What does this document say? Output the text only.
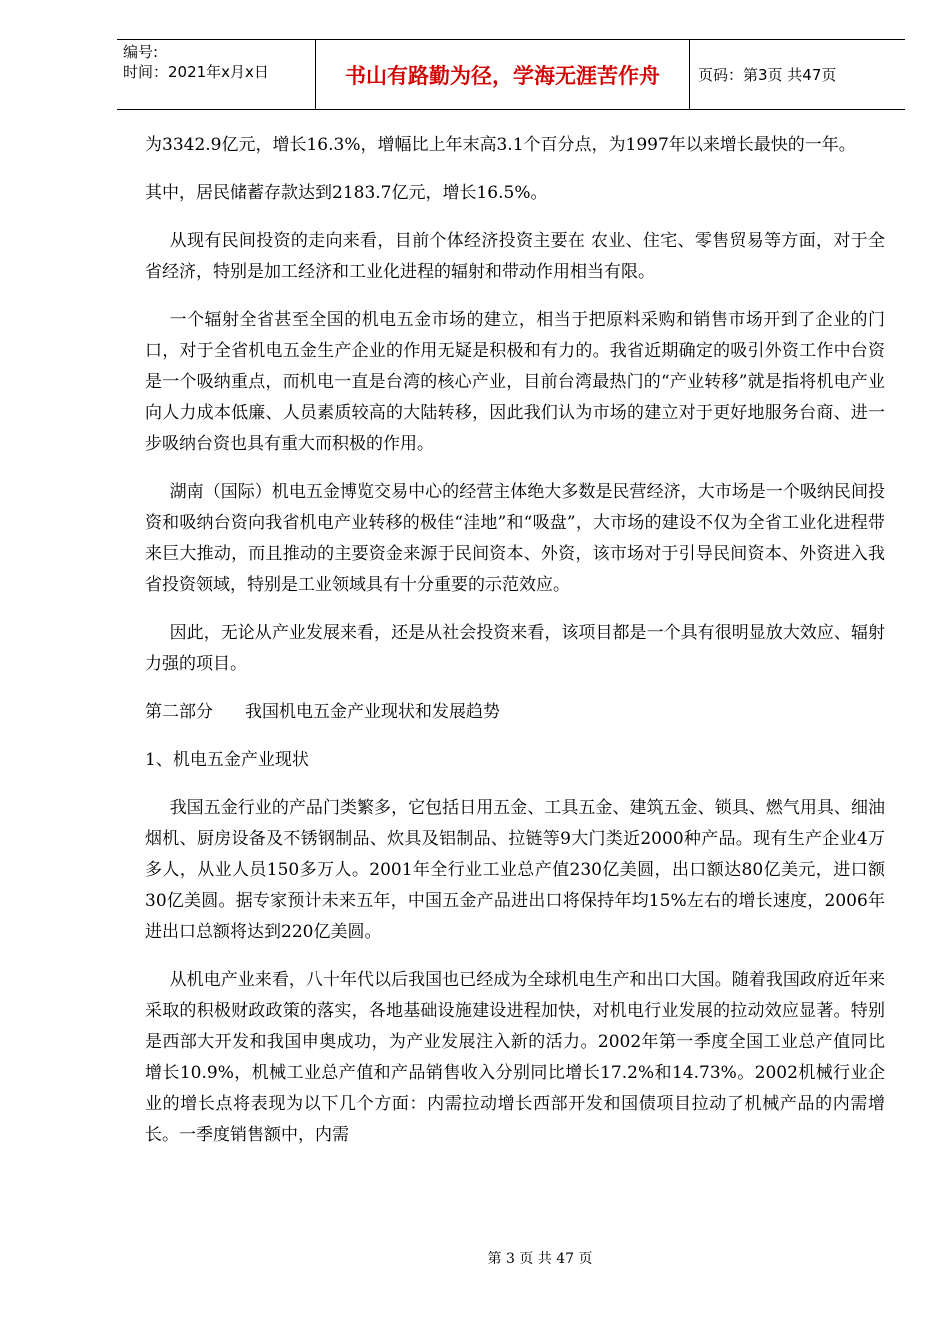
编号:
时间：2021年x月x日	书山有路勤为径，学海无涯苦作舟	页码：第3页 共47页

为3342.9亿元，增长16.3%，增幅比上年末高3.1个百分点，为1997年以来增长最快的一年。

其中，居民储蓄存款达到2183.7亿元，增长16.5%。

从现有民间投资的走向来看，目前个体经济投资主要在 农业、住宅、零售贸易等方面，对于全省经济，特别是加工经济和工业化进程的辐射和带动作用相当有限。

一个辐射全省甚至全国的机电五金市场的建立，相当于把原料采购和销售市场开到了企业的门口，对于全省机电五金生产企业的作用无疑是积极和有力的。我省近期确定的吸引外资工作中台资是一个吸纳重点，而机电一直是台湾的核心产业，目前台湾最热门的“产业转移”就是指将机电产业向人力成本低廉、人员素质较高的大陆转移，因此我们认为市场的建立对于更好地服务台商、进一步吸纳台资也具有重大而积极的作用。

湖南（国际）机电五金博览交易中心的经营主体绝大多数是民营经济，大市场是一个吸纳民间投资和吸纳台资向我省机电产业转移的极佳“洼地”和“吸盘”，大市场的建设不仅为全省工业化进程带来巨大推动，而且推动的主要资金来源于民间资本、外资，该市场对于引导民间资本、外资进入我省投资领域，特别是工业领域具有十分重要的示范效应。

因此，无论从产业发展来看，还是从社会投资来看，该项目都是一个具有很明显放大效应、辐射力强的项目。

第二部分 我国机电五金产业现状和发展趋势

1、机电五金产业现状

我国五金行业的产品门类繁多，它包括日用五金、工具五金、建筑五金、锁具、燃气用具、细油烟机、厨房设备及不锈钢制品、炊具及铝制品、拉链等9大门类近2000种产品。现有生产企业4万多人，从业人员150多万人。2001年全行业工业总产值230亿美圆，出口额达80亿美元，进口额30亿美圆。据专家预计未来五年，中国五金产品进出口将保持年均15%左右的增长速度，2006年进出口总额将达到220亿美圆。

从机电产业来看，八十年代以后我国也已经成为全球机电生产和出口大国。随着我国政府近年来采取的积极财政政策的落实，各地基础设施建设进程加快，对机电行业发展的拉动效应显著。特别是西部大开发和我国申奥成功，为产业发展注入新的活力。2002年第一季度全国工业总产值同比增长10.9%，机械工业总产值和产品销售收入分别同比增长17.2%和14.73%。2002机械行业企业的增长点将表现为以下几个方面：内需拉动增长西部开发和国债项目拉动了机械产品的内需增长。一季度销售额中，内需

第 3 页 共 47 页
